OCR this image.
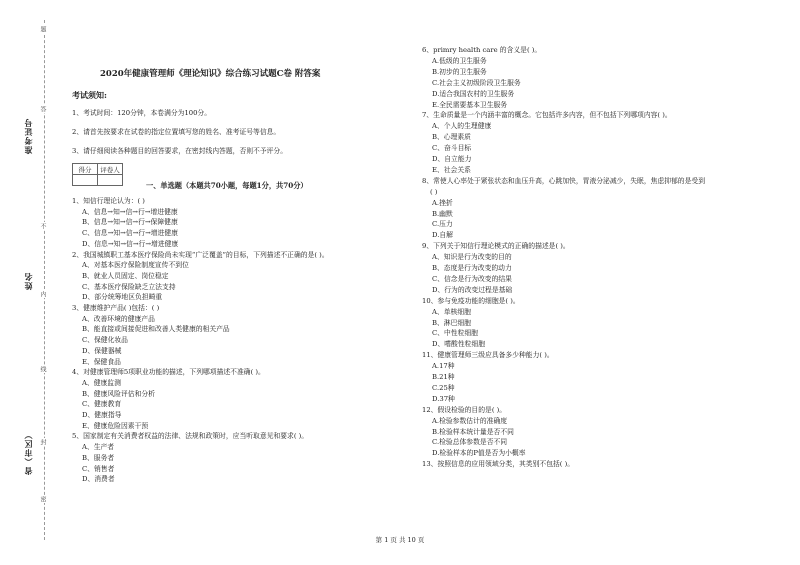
准考证号
姓名
省（市区）
题
答
不
内
线
封
密
2020年健康管理师《理论知识》综合练习试题C卷 附答案
考试须知:
1、考试时间：120分钟，本卷满分为100分。
2、请首先按要求在试卷的指定位置填写您的姓名、准考证号等信息。
3、请仔细阅读各种题目的回答要求，在密封线内答题，否则不予评分。
得分	评卷人

一、单选题（本题共70小题，每题1分，共70分）
1、知信行理论认为：( )
A、信息→知→信→行→增进健康
B、信息→知→信→行→保障健康
C、信息→知→信→行→增进健康
D、信息→知→信→行→增进健康
2、我国城镇职工基本医疗保险尚未实现“广泛覆盖”的目标，下列描述不正确的是( )。
A、对基本医疗保险制度宣传不到位
B、就业人员固定、岗位稳定
C、基本医疗保险缺乏立法支持
D、部分统筹地区负担畸重
3、健康维护产品( )包括：( )
A、改善环境的健康产品
B、能直接或间接促进和改善人类健康的相关产品
C、保健化妆品
D、保健器械
E、保健食品
4、对健康管理师5项职业功能的描述，下列哪项描述不准确( )。
A、健康监测
B、健康风险评估和分析
C、健康教育
D、健康指导
E、健康危险因素干预
5、国家制定有关消费者权益的法律、法规和政策时，应当听取意见和要求( )。
A、生产者
B、服务者
C、销售者
D、消费者
6、primry health care 的含义是( )。
A.低级的卫生服务
B.初步的卫生服务
C.社会主义初级阶段卫生服务
D.适合我国农村的卫生服务
E.全民需要基本卫生服务
7、生命质量是一个内涵丰富的概念。它包括许多内容，但不包括下列哪项内容( )。
A、个人的生理健康
B、心理素质
C、奋斗目标
D、自立能力
E、社会关系
8、常使人心率处于紧张状态和血压升高，心跳加快，胃液分泌减少，失眠，焦虑抑郁的是受到
( )
A.挫折
B.幽默
C.压力
D.自解
9、下列关于知信行理论模式的正确的描述是( )。
A、知识是行为改变的目的
B、态度是行为改变的动力
C、信念是行为改变的结果
D、行为的改变过程是基础
10、参与免疫功能的细胞是( )。
A、单核细胞
B、淋巴细胞
C、中性粒细胞
D、嗜酸性粒细胞
11、健康管理师三级应具备多少种能力( )。
A.17种
B.21种
C.25种
D.37种
12、假设检验的目的是( )。
A.检验参数估计的准确度
B.检验样本统计量是否不同
C.检验总体参数是否不同
D.检验样本的P值是否为小概率
13、按照信息的应用领域分类，其类别不包括( )。
第 1 页 共 10 页
